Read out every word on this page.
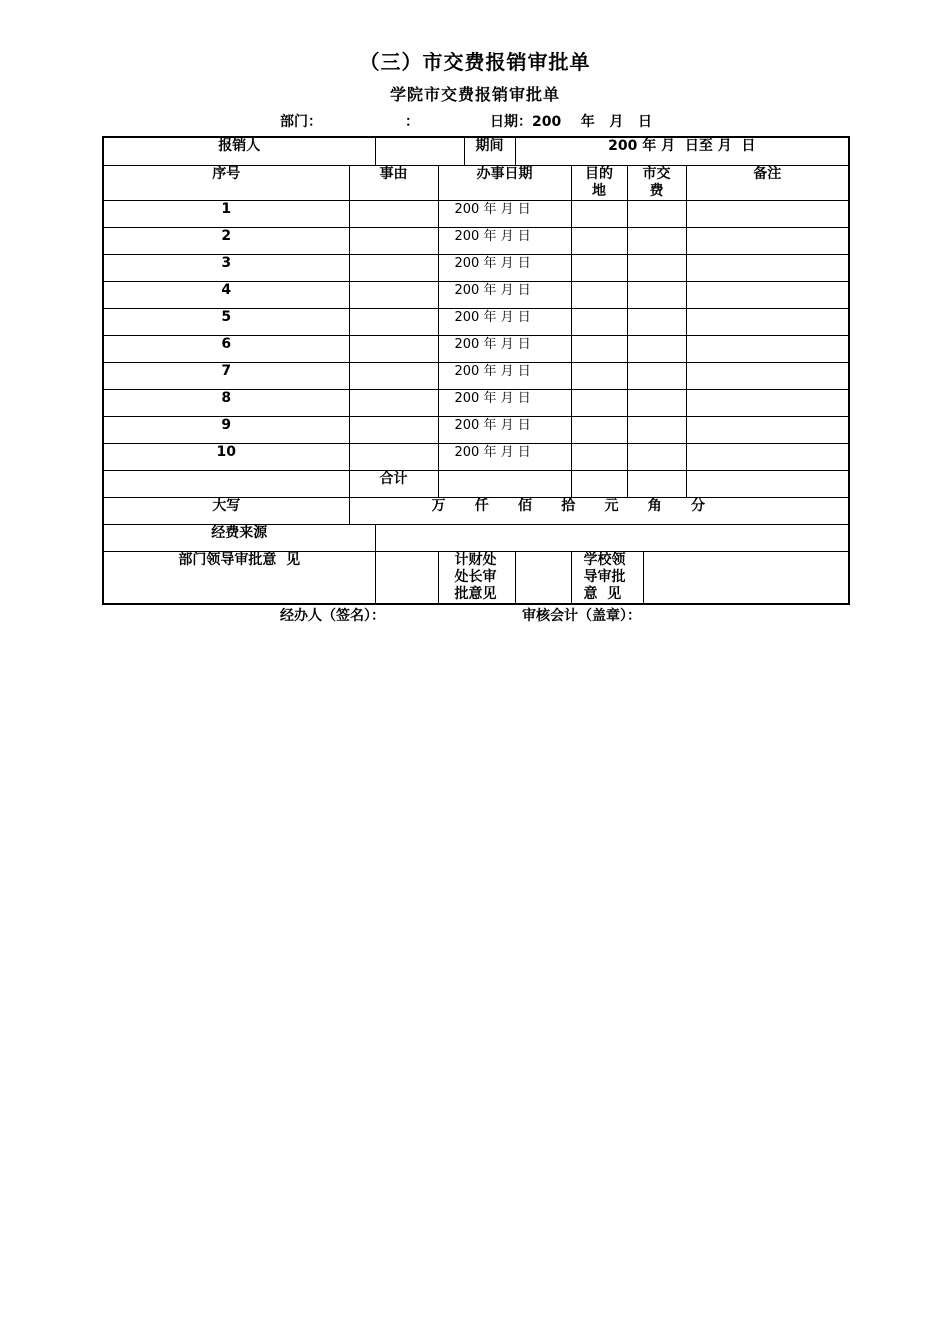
（三）市交费报销审批单
学院市交费报销审批单
部门：	：	日期：200    年   月   日
报销人				期间	200 年 月  日至 月  日				
序号	事由		办事日期			目的地	市交费		备注
1			200 年 月 日						
2			200 年 月 日						
3			200 年 月 日						
4			200 年 月 日						
5			200 年 月 日						
6			200 年 月 日						
7			200 年 月 日						
8			200 年 月 日						
9			200 年 月 日						
10			200 年 月 日						
	合计								
大写	万      仟      佰      拾      元      角      分								
经费来源									
部门领导审批意  见			计财处处长审批意见			学校领导审批意  见			
经办人（签名）：	审核会计（盖章）：
